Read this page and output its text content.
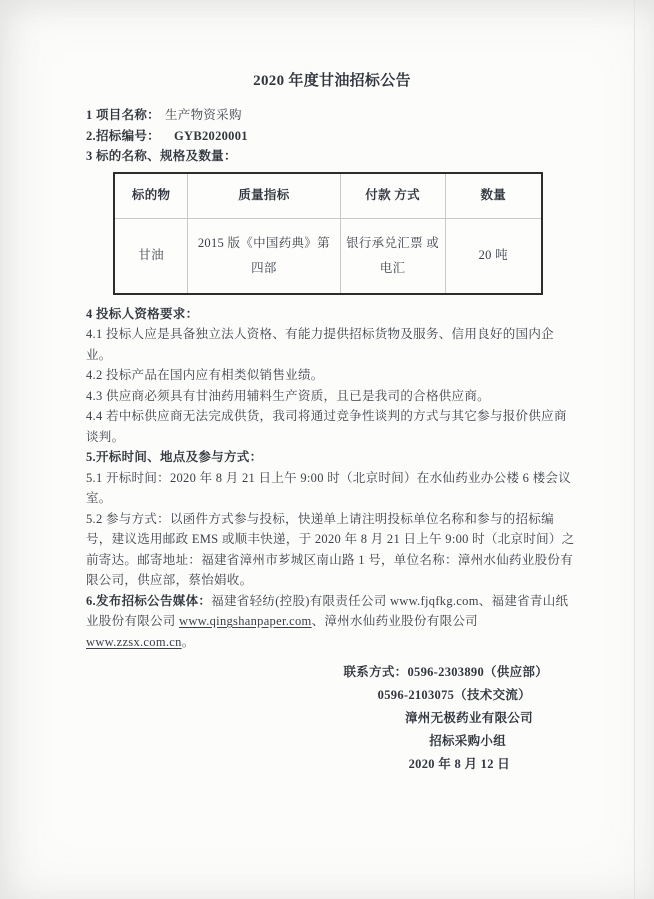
2020 年度甘油招标公告

1 项目名称： 生产物资采购

2.招标编号： GYB2020001

3 标的名称、规格及数量：

标的物	质量指标	付款 方式	数量
甘油	2015 版《中国药典》第四部	银行承兑汇票 或电汇	20 吨

4 投标人资格要求：

4.1 投标人应是具备独立法人资格、有能力提供招标货物及服务、信用良好的国内企业。

4.2 投标产品在国内应有相类似销售业绩。

4.3 供应商必须具有甘油药用辅料生产资质，且已是我司的合格供应商。

4.4 若中标供应商无法完成供货，我司将通过竞争性谈判的方式与其它参与报价供应商谈判。

5.开标时间、地点及参与方式：

5.1 开标时间：2020 年 8 月 21 日上午 9:00 时（北京时间）在水仙药业办公楼 6 楼会议室。

5.2 参与方式：以函件方式参与投标，快递单上请注明投标单位名称和参与的招标编号，建议选用邮政 EMS 或顺丰快递，于 2020 年 8 月 21 日上午 9:00 时（北京时间）之前寄达。邮寄地址：福建省漳州市芗城区南山路 1 号，单位名称：漳州水仙药业股份有限公司，供应部，蔡怡娟收。

6.发布招标公告媒体：福建省轻纺(控股)有限责任公司 www.fjqfkg.com、福建省青山纸业股份有限公司 www.qingshanpaper.com、漳州水仙药业股份有限公司 www.zzsx.com.cn。

联系方式：0596-2303890（供应部）

0596-2103075（技术交流）

漳州无极药业有限公司

招标采购小组

2020 年 8 月 12 日
